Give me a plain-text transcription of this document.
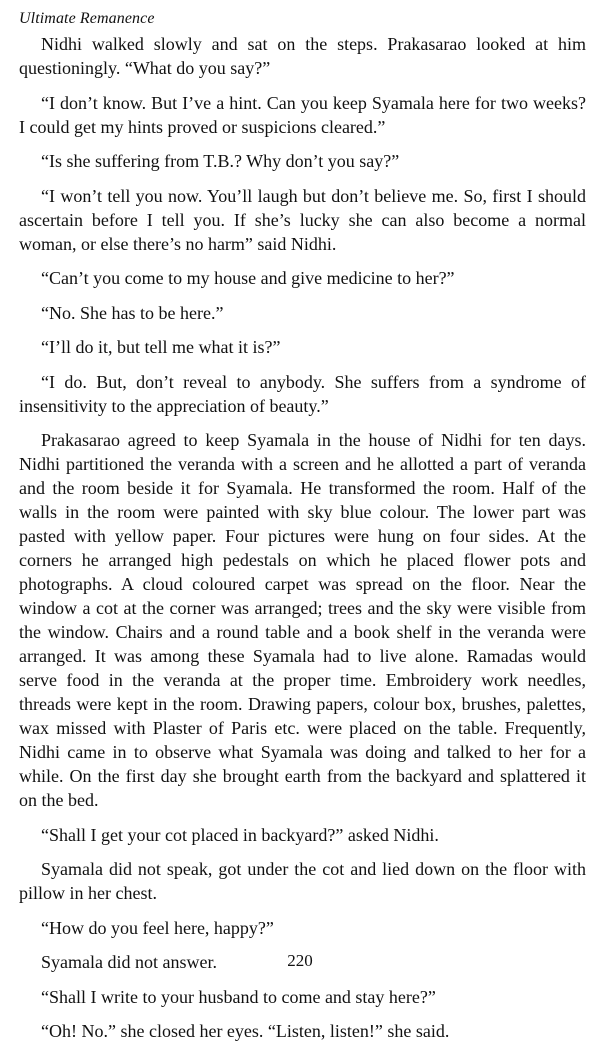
Ultimate Remanence

Nidhi walked slowly and sat on the steps. Prakasarao looked at him questioningly. “What do you say?”

“I don’t know. But I’ve a hint. Can you keep Syamala here for two weeks? I could get my hints proved or suspicions cleared.”

“Is she suffering from T.B.? Why don’t you say?”

“I won’t tell you now. You’ll laugh but don’t believe me. So, first I should ascertain before I tell you. If she’s lucky she can also become a normal woman, or else there’s no harm” said Nidhi.

“Can’t you come to my house and give medicine to her?”

“No. She has to be here.”

“I’ll do it, but tell me what it is?”

“I do. But, don’t reveal to anybody. She suffers from a syndrome of insensitivity to the appreciation of beauty.”

Prakasarao agreed to keep Syamala in the house of Nidhi for ten days. Nidhi partitioned the veranda with a screen and he allotted a part of veranda and the room beside it for Syamala. He transformed the room. Half of the walls in the room were painted with sky blue colour. The lower part was pasted with yellow paper. Four pictures were hung on four sides. At the corners he arranged high pedestals on which he placed flower pots and photographs. A cloud coloured carpet was spread on the floor. Near the window a cot at the corner was arranged; trees and the sky were visible from the window. Chairs and a round table and a book shelf in the veranda were arranged. It was among these Syamala had to live alone. Ramadas would serve food in the veranda at the proper time. Embroidery work needles, threads were kept in the room. Drawing papers, colour box, brushes, palettes, wax missed with Plaster of Paris etc. were placed on the table. Frequently, Nidhi came in to observe what Syamala was doing and talked to her for a while. On the first day she brought earth from the backyard and splattered it on the bed.

“Shall I get your cot placed in backyard?” asked Nidhi.

Syamala did not speak, got under the cot and lied down on the floor with pillow in her chest.

“How do you feel here, happy?”

Syamala did not answer.

“Shall I write to your husband to come and stay here?”

“Oh! No.” she closed her eyes. “Listen, listen!” she said.

220
